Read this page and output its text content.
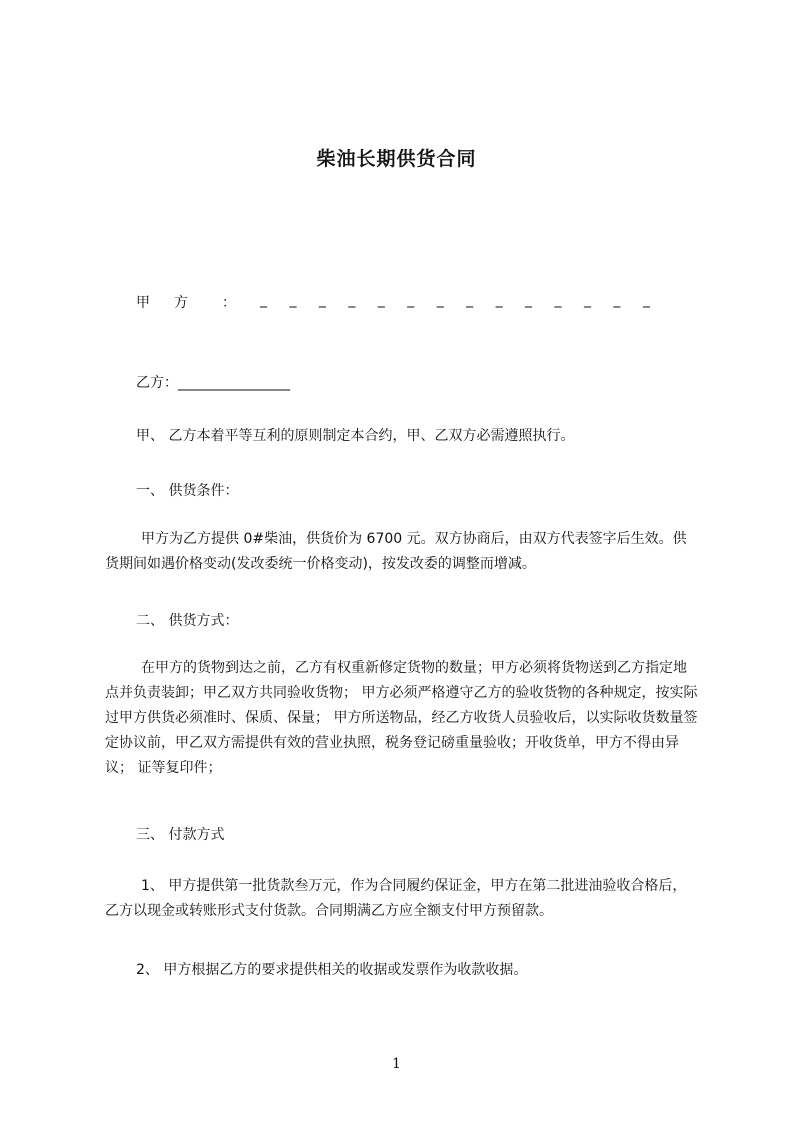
柴油长期供货合同
甲方 ： _ _ _ _ _ _ _ _ _ _ _ _ _ _
乙方：________________
甲、 乙方本着平等互利的原则制定本合约，甲、乙双方必需遵照执行。
一、 供货条件：
甲方为乙方提供 0#柴油，供货价为 6700 元。双方协商后，由双方代表签字后生效。供货期间如遇价格变动(发改委统一价格变动)，按发改委的调整而增减。
二、 供货方式：
在甲方的货物到达之前，乙方有权重新修定货物的数量；甲方必须将货物送到乙方指定地点并负责装卸；甲乙双方共同验收货物； 甲方必须严格遵守乙方的验收货物的各种规定，按实际过甲方供货必须准时、保质、保量； 甲方所送物品，经乙方收货人员验收后，以实际收货数量签定协议前，甲乙双方需提供有效的营业执照，税务登记磅重量验收；开收货单，甲方不得由异议； 证等复印件；
三、 付款方式
1、 甲方提供第一批货款叁万元，作为合同履约保证金，甲方在第二批进油验收合格后，乙方以现金或转账形式支付货款。合同期满乙方应全额支付甲方预留款。
2、 甲方根据乙方的要求提供相关的收据或发票作为收款收据。
1
